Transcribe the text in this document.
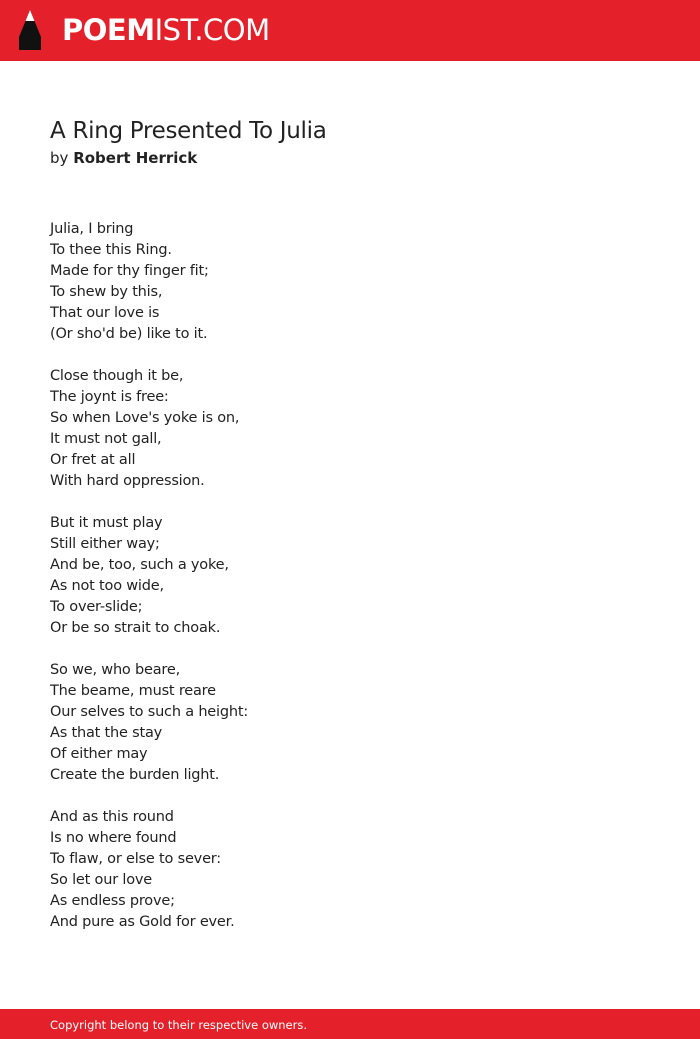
POEMIST.COM
A Ring Presented To Julia
by Robert Herrick
Julia, I bring
To thee this Ring.
Made for thy finger fit;
To shew by this,
That our love is
(Or sho'd be) like to it.
Close though it be,
The joynt is free:
So when Love's yoke is on,
It must not gall,
Or fret at all
With hard oppression.
But it must play
Still either way;
And be, too, such a yoke,
As not too wide,
To over-slide;
Or be so strait to choak.
So we, who beare,
The beame, must reare
Our selves to such a height:
As that the stay
Of either may
Create the burden light.
And as this round
Is no where found
To flaw, or else to sever:
So let our love
As endless prove;
And pure as Gold for ever.
Copyright belong to their respective owners.
